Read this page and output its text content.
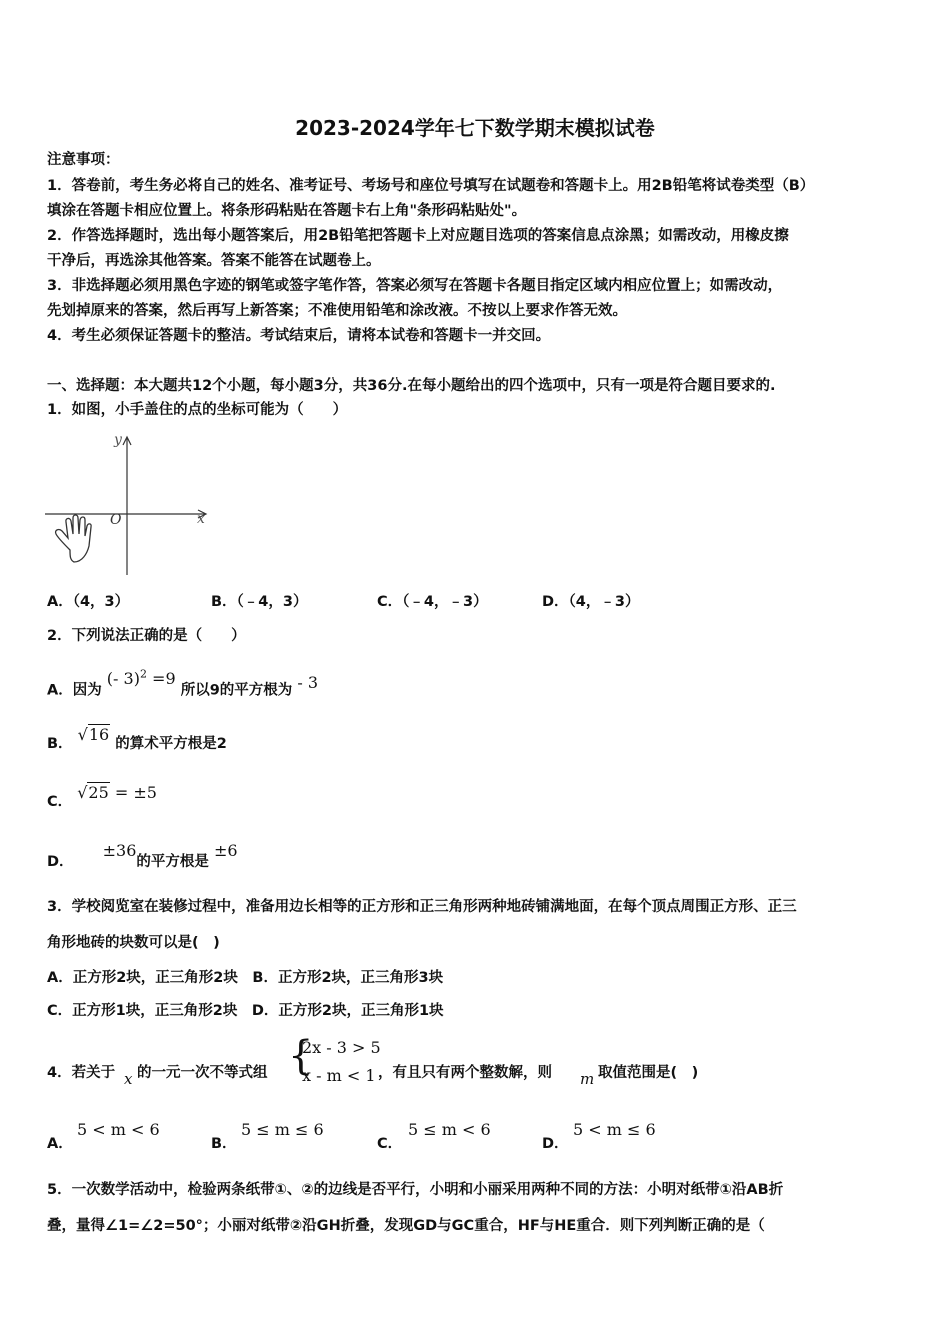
2023-2024学年七下数学期末模拟试卷
注意事项：
1．答卷前，考生务必将自己的姓名、准考证号、考场号和座位号填写在试题卷和答题卡上。用2B铅笔将试卷类型（B）
填涂在答题卡相应位置上。将条形码粘贴在答题卡右上角"条形码粘贴处"。
2．作答选择题时，选出每小题答案后，用2B铅笔把答题卡上对应题目选项的答案信息点涂黑；如需改动，用橡皮擦
干净后，再选涂其他答案。答案不能答在试题卷上。
3．非选择题必须用黑色字迹的钢笔或签字笔作答，答案必须写在答题卡各题目指定区域内相应位置上；如需改动，
先划掉原来的答案，然后再写上新答案；不准使用铅笔和涂改液。不按以上要求作答无效。
4．考生必须保证答题卡的整洁。考试结束后，请将本试卷和答题卡一并交回。
一、选择题：本大题共12个小题，每小题3分，共36分.在每小题给出的四个选项中，只有一项是符合题目要求的.
1．如图，小手盖住的点的坐标可能为（　　）
y
x
O
A．（4，3）	B．（﹣4，3）	C．（﹣4，﹣3）	D．（4，﹣3）
2．下列说法正确的是（　　）
A．因为 (- 3)$^2$ =9 所以9的平方根为 - 3
B． √16 的算术平方根是2
C． √25 = ±5
D． ±36的平方根是 ±6
3．学校阅览室在装修过程中，准备用边长相等的正方形和正三角形两种地砖铺满地面，在每个顶点周围正方形、正三
角形地砖的块数可以是(　)
A．正方形2块，正三角形2块　B．正方形2块，正三角形3块
C．正方形1块，正三角形2块　D．正方形2块，正三角形1块
4．若关于 x 的一元一次不等式组 {
2x - 3 > 5
x - m < 1 ，有且只有两个整数解，则 m 取值范围是(　)
A．
5 < m < 6
B．
5 ≤ m ≤ 6
C．
5 ≤ m < 6
D．
5 < m ≤ 6
5．一次数学活动中，检验两条纸带①、②的边线是否平行，小明和小丽采用两种不同的方法：小明对纸带①沿AB折
叠，量得∠1=∠2=50°；小丽对纸带②沿GH折叠，发现GD与GC重合，HF与HE重合．则下列判断正确的是（
